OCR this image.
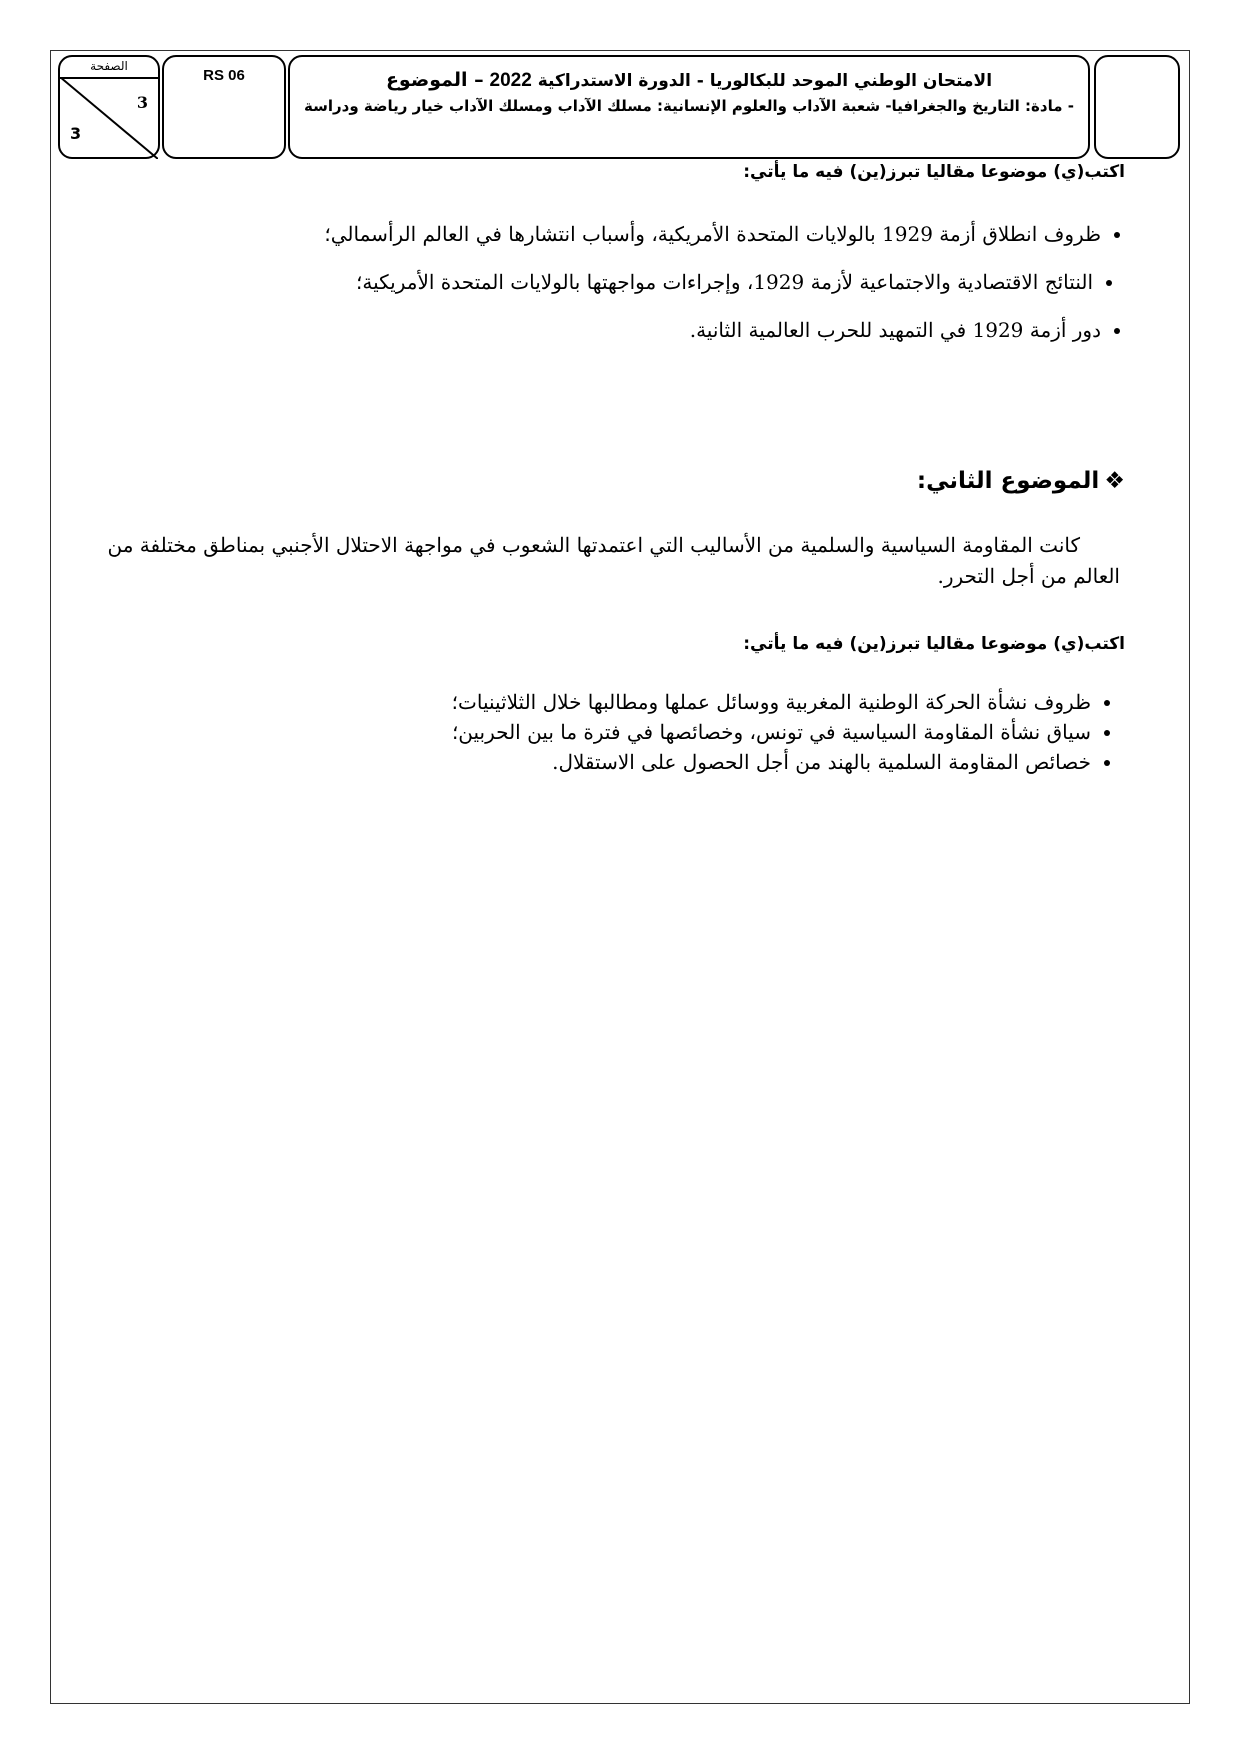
الصفحة
3
3
RS 06	الامتحان الوطني الموحد للبكالوريا - الدورة الاستدراكية 2022 – الموضوع
- مادة: التاريخ والجغرافيا- شعبة الآداب والعلوم الإنسانية: مسلك الآداب ومسلك الآداب خيار رياضة ودراسة
اكتب(ي) موضوعا مقاليا تبرز(ين) فيه ما يأتي:
• ظروف انطلاق أزمة 1929 بالولايات المتحدة الأمريكية، وأسباب انتشارها في العالم الرأسمالي؛
• النتائج الاقتصادية والاجتماعية لأزمة 1929، وإجراءات مواجهتها بالولايات المتحدة الأمريكية؛
• دور أزمة 1929 في التمهيد للحرب العالمية الثانية.
❖ الموضوع الثاني:
كانت المقاومة السياسية والسلمية من الأساليب التي اعتمدتها الشعوب في مواجهة الاحتلال الأجنبي بمناطق مختلفة من العالم من أجل التحرر.
اكتب(ي) موضوعا مقاليا تبرز(ين) فيه ما يأتي:
• ظروف نشأة الحركة الوطنية المغربية ووسائل عملها ومطالبها خلال الثلاثينيات؛
• سياق نشأة المقاومة السياسية في تونس، وخصائصها في فترة ما بين الحربين؛
• خصائص المقاومة السلمية بالهند من أجل الحصول على الاستقلال.
